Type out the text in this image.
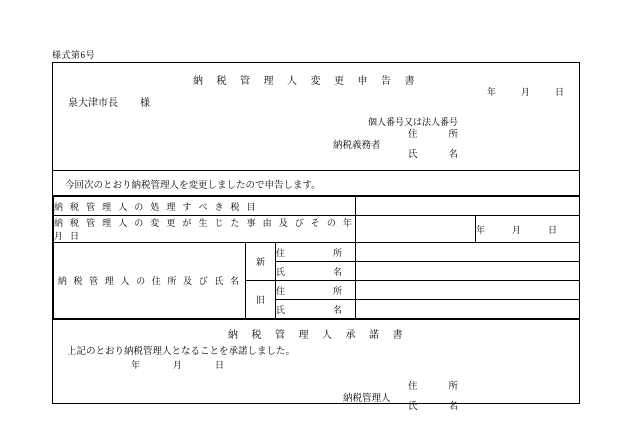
様式第6号
納 税 管 理 人 変 更 申 告 書
年	月	日
泉大津市長 様
個人番号又は法人番号
納税義務者
住　　所
氏　　名
今回次のとおり納税管理人を変更しましたので申告します。
納 税 管 理 人 の 処 理 す べ き 税 目				
納 税 管 理 人 の 変 更 が 生 じ た 事 由 及 び そ の 年 月 日				年 月 日
納 税 管 理 人 の 住 所 及 び 氏 名	新	住 所		
		氏 名		
	旧	住 所		
		氏 名		
納 税 管 理 人 承 諾 書
上記のとおり納税管理人となることを承諾しました。
年	月	日
納税管理人
住　　所
氏　　名
